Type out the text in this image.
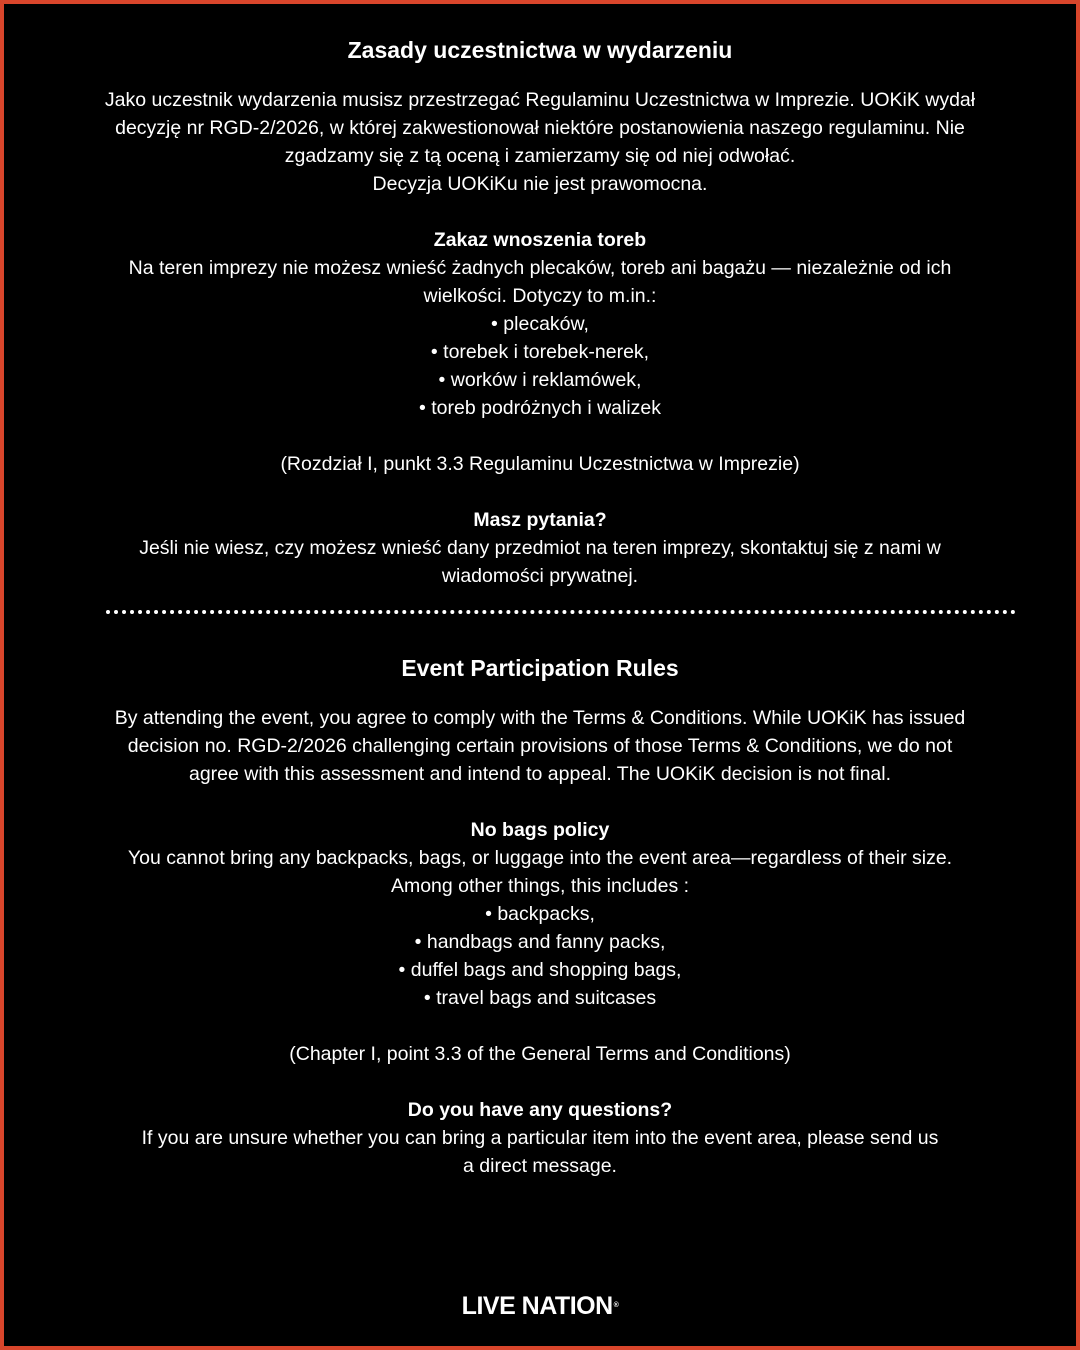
Zasady uczestnictwa w wydarzeniu

Jako uczestnik wydarzenia musisz przestrzegać Regulaminu Uczestnictwa w Imprezie. UOKiK wydał

decyzję nr RGD-2/2026, w której zakwestionował niektóre postanowienia naszego regulaminu. Nie

zgadzamy się z tą oceną i zamierzamy się od niej odwołać.

Decyzja UOKiKu nie jest prawomocna.

Zakaz wnoszenia toreb

Na teren imprezy nie możesz wnieść żadnych plecaków, toreb ani bagażu — niezależnie od ich

wielkości. Dotyczy to m.in.:

• plecaków,

• torebek i torebek-nerek,

• worków i reklamówek,

• toreb podróżnych i walizek

(Rozdział I, punkt 3.3 Regulaminu Uczestnictwa w Imprezie)

Masz pytania?

Jeśli nie wiesz, czy możesz wnieść dany przedmiot na teren imprezy, skontaktuj się z nami w

wiadomości prywatnej.

Event Participation Rules

By attending the event, you agree to comply with the Terms & Conditions. While UOKiK has issued

decision no. RGD-2/2026 challenging certain provisions of those Terms & Conditions, we do not

agree with this assessment and intend to appeal. The UOKiK decision is not final.

No bags policy

You cannot bring any backpacks, bags, or luggage into the event area—regardless of their size.

Among other things, this includes :

• backpacks,

• handbags and fanny packs,

• duffel bags and shopping bags,

• travel bags and suitcases

(Chapter I, point 3.3 of the General Terms and Conditions)

Do you have any questions?

If you are unsure whether you can bring a particular item into the event area, please send us

a direct message.

LIVE NATION®
